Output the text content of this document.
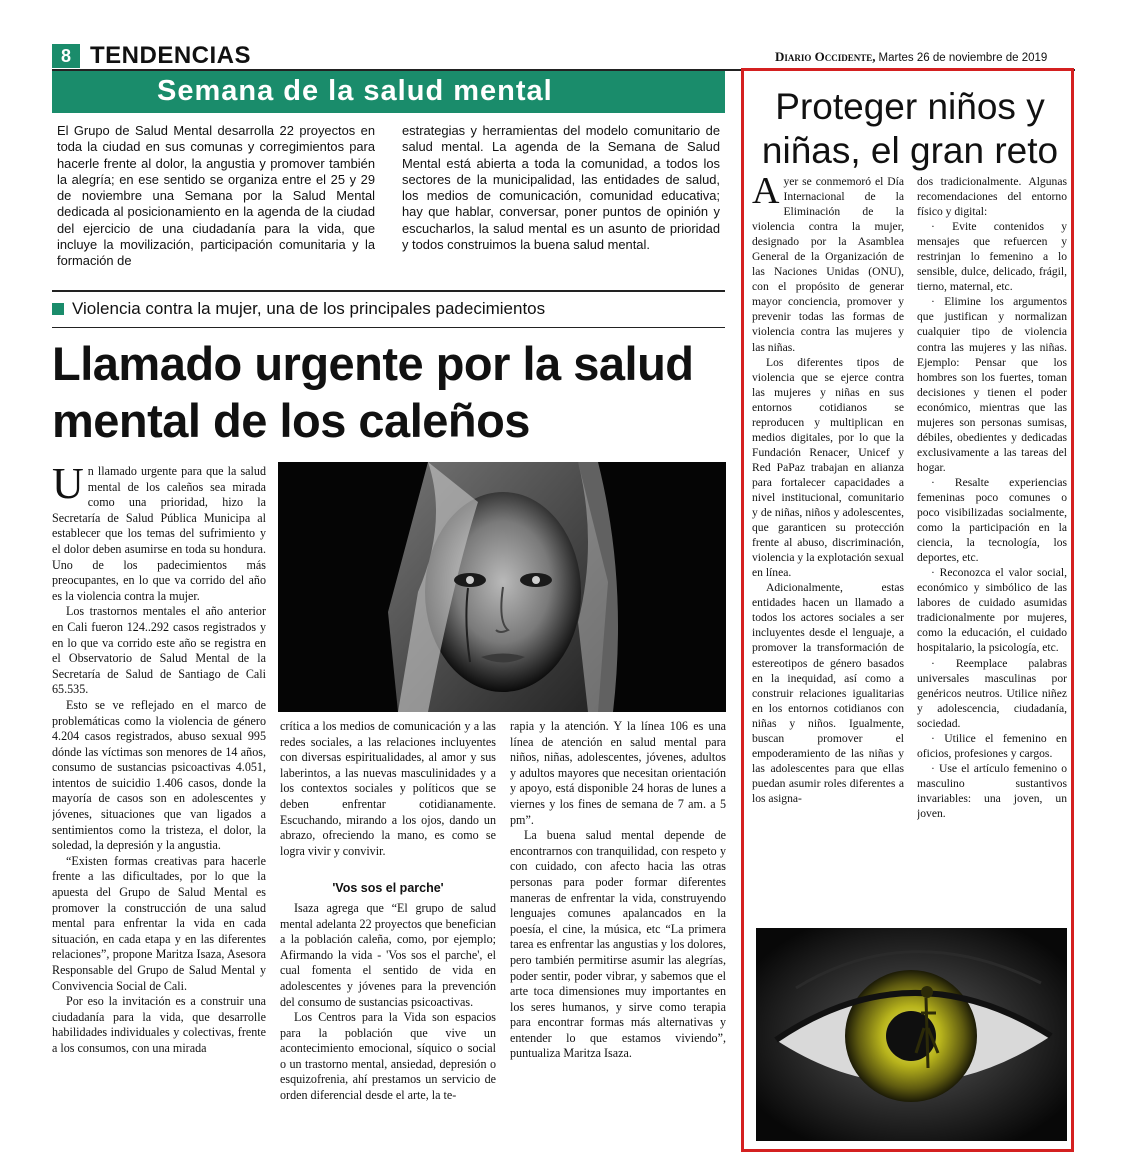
8 TENDENCIAS	Diario Occidente, Martes 26 de noviembre de 2019
Semana de la salud mental
El Grupo de Salud Mental desarrolla 22 proyectos en toda la ciudad en sus comunas y corregimientos para hacerle frente al dolor, la angustia y promover también la alegría; en ese sentido se organiza entre el 25 y 29 de noviembre una Semana por la Salud Mental dedicada al posicionamiento en la agenda de la ciudad del ejercicio de una ciudadanía para la vida, que incluye la movilización, participación comunitaria y la formación de
estrategias y herramientas del modelo comunitario de salud mental. La agenda de la Semana de Salud Mental está abierta a toda la comunidad, a todos los sectores de la municipalidad, las entidades de salud, los medios de comunicación, comunidad educativa; hay que hablar, conversar, poner puntos de opinión y escucharlos, la salud mental es un asunto de prioridad y todos construimos la buena salud mental.
Violencia contra la mujer, una de los principales padecimientos
Llamado urgente por la salud mental de los caleños

Un llamado urgente para que la salud mental de los caleños sea mirada como una prioridad, hizo la Secretaría de Salud Pública Municipa al establecer que los temas del sufrimiento y el dolor deben asumirse en toda su hondura. Uno de los padecimientos más preocupantes, en lo que va corrido del año es la violencia contra la mujer.

Los trastornos mentales el año anterior en Cali fueron 124..292 casos registrados y en lo que va corrido este año se registra en el Observatorio de Salud Mental de la Secretaría de Salud de Santiago de Cali 65.535.

Esto se ve reflejado en el marco de problemáticas como la violencia de género 4.204 casos registrados, abuso sexual 995 dónde las víctimas son menores de 14 años, consumo de sustancias psicoactivas 4.051, intentos de suicidio 1.406 casos, donde la mayoría de casos son en adolescentes y jóvenes, situaciones que van ligados a sentimientos como la tristeza, el dolor, la soledad, la depresión y la angustia.

“Existen formas creativas para hacerle frente a las dificultades, por lo que la apuesta del Grupo de Salud Mental es promover la construcción de una salud mental para enfrentar la vida en cada situación, en cada etapa y en las diferentes relaciones”, propone Maritza Isaza, Asesora Responsable del Grupo de Salud Mental y Convivencia Social de Cali.

Por eso la invitación es a construir una ciudadanía para la vida, que desarrolle habilidades individuales y colectivas, frente a los consumos, con una mirada

crítica a los medios de comunicación y a las redes sociales, a las relaciones incluyentes con diversas espiritualidades, al amor y sus laberintos, a las nuevas masculinidades y a los contextos sociales y políticos que se deben enfrentar cotidianamente. Escuchando, mirando a los ojos, dando un abrazo, ofreciendo la mano, es como se logra vivir y convivir.

'Vos sos el parche'

Isaza agrega que “El grupo de salud mental adelanta 22 proyectos que benefician a la población caleña, como, por ejemplo; Afirmando la vida - 'Vos sos el parche', el cual fomenta el sentido de vida en adolescentes y jóvenes para la prevención del consumo de sustancias psicoactivas.

Los Centros para la Vida son espacios para la población que vive un acontecimiento emocional, síquico o social o un trastorno mental, ansiedad, depresión o esquizofrenia, ahí prestamos un servicio de orden diferencial desde el arte, la te-

rapia y la atención. Y la línea 106 es una línea de atención en salud mental para niños, niñas, adolescentes, jóvenes, adultos y adultos mayores que necesitan orientación y apoyo, está disponible 24 horas de lunes a viernes y los fines de semana de 7 am. a 5 pm”.

La buena salud mental depende de encontrarnos con tranquilidad, con respeto y con cuidado, con afecto hacia las otras personas para poder formar diferentes maneras de enfrentar la vida, construyendo lenguajes comunes apalancados en la poesía, el cine, la música, etc “La primera tarea es enfrentar las angustias y los dolores, pero también permitirse asumir las alegrías, poder sentir, poder vibrar, y sabemos que el arte toca dimensiones muy importantes en los seres humanos, y sirve como terapia para encontrar formas más alternativas y entender lo que estamos viviendo”, puntualiza Maritza Isaza.

Proteger niños y niñas, el gran reto

Ayer se conmemoró el Día Internacional de la Eliminación de la violencia contra la mujer, designado por la Asamblea General de la Organización de las Naciones Unidas (ONU), con el propósito de generar mayor conciencia, promover y prevenir todas las formas de violencia contra las mujeres y las niñas.

Los diferentes tipos de violencia que se ejerce contra las mujeres y niñas en sus entornos cotidianos se reproducen y multiplican en medios digitales, por lo que la Fundación Renacer, Unicef y Red PaPaz trabajan en alianza para fortalecer capacidades a nivel institucional, comunitario y de niñas, niños y adolescentes, que garanticen su protección frente al abuso, discriminación, violencia y la explotación sexual en línea.

Adicionalmente, estas entidades hacen un llamado a todos los actores sociales a ser incluyentes desde el lenguaje, a promover la transformación de estereotipos de género basados en la inequidad, así como a construir relaciones igualitarias en los entornos cotidianos con niñas y niños. Igualmente, buscan promover el empoderamiento de las niñas y las adolescentes para que ellas puedan asumir roles diferentes a los asigna-

dos tradicionalmente. Algunas recomendaciones del entorno físico y digital:

· Evite contenidos y mensajes que refuercen y restrinjan lo femenino a lo sensible, dulce, delicado, frágil, tierno, maternal, etc.

· Elimine los argumentos que justifican y normalizan cualquier tipo de violencia contra las mujeres y las niñas. Ejemplo: Pensar que los hombres son los fuertes, toman decisiones y tienen el poder económico, mientras que las mujeres son personas sumisas, débiles, obedientes y dedicadas exclusivamente a las tareas del hogar.

· Resalte experiencias femeninas poco comunes o poco visibilizadas socialmente, como la participación en la ciencia, la tecnología, los deportes, etc.

· Reconozca el valor social, económico y simbólico de las labores de cuidado asumidas tradicionalmente por mujeres, como la educación, el cuidado hospitalario, la psicología, etc.

· Reemplace palabras universales masculinas por genéricos neutros. Utilice niñez y adolescencia, ciudadanía, sociedad.

· Utilice el femenino en oficios, profesiones y cargos.

· Use el artículo femenino o masculino sustantivos invariables: una joven, un joven.
